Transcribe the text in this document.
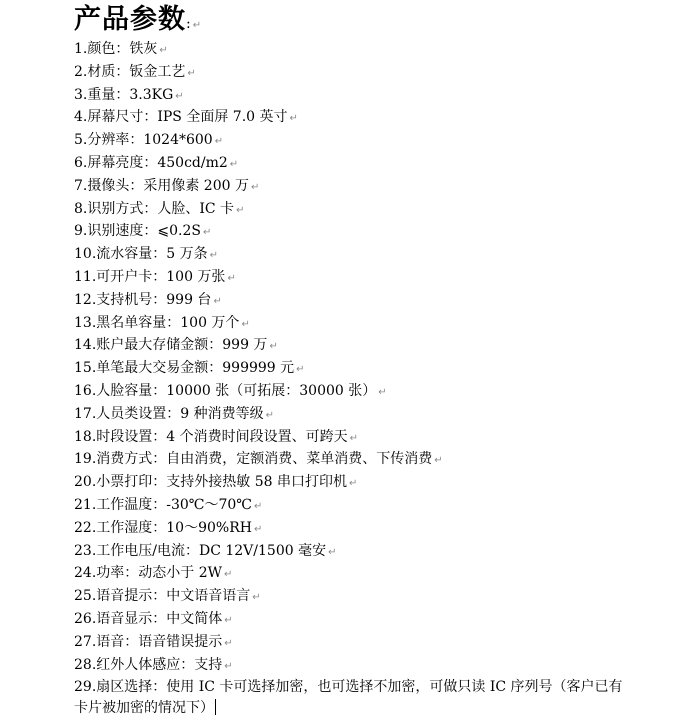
产品参数: ↵
1.颜色：铁灰 ↵
2.材质：钣金工艺 ↵
3.重量：3.3KG ↵
4.屏幕尺寸：IPS 全面屏 7.0 英寸 ↵
5.分辨率：1024*600 ↵
6.屏幕亮度：450cd/m2 ↵
7.摄像头：采用像素 200 万 ↵
8.识别方式：人脸、IC 卡 ↵
9.识别速度：⩽0.2S ↵
10.流水容量：5 万条 ↵
11.可开户卡：100 万张 ↵
12.支持机号：999 台 ↵
13.黑名单容量：100 万个 ↵
14.账户最大存储金额：999 万 ↵
15.单笔最大交易金额：999999 元 ↵
16.人脸容量：10000 张（可拓展：30000 张） ↵
17.人员类设置：9 种消费等级 ↵
18.时段设置：4 个消费时间段设置、可跨天 ↵
19.消费方式：自由消费，定额消费、菜单消费、下传消费 ↵
20.小票打印：支持外接热敏 58 串口打印机 ↵
21.工作温度：-30℃～70℃ ↵
22.工作湿度：10～90%RH ↵
23.工作电压/电流：DC 12V/1500 毫安 ↵
24.功率：动态小于 2W ↵
25.语音提示：中文语音语言 ↵
26.语音显示：中文简体 ↵
27.语音：语音错误提示 ↵
28.红外人体感应：支持 ↵
29.扇区选择：使用 IC 卡可选择加密，也可选择不加密，可做只读 IC 序列号（客户已有卡片被加密的情况下）
